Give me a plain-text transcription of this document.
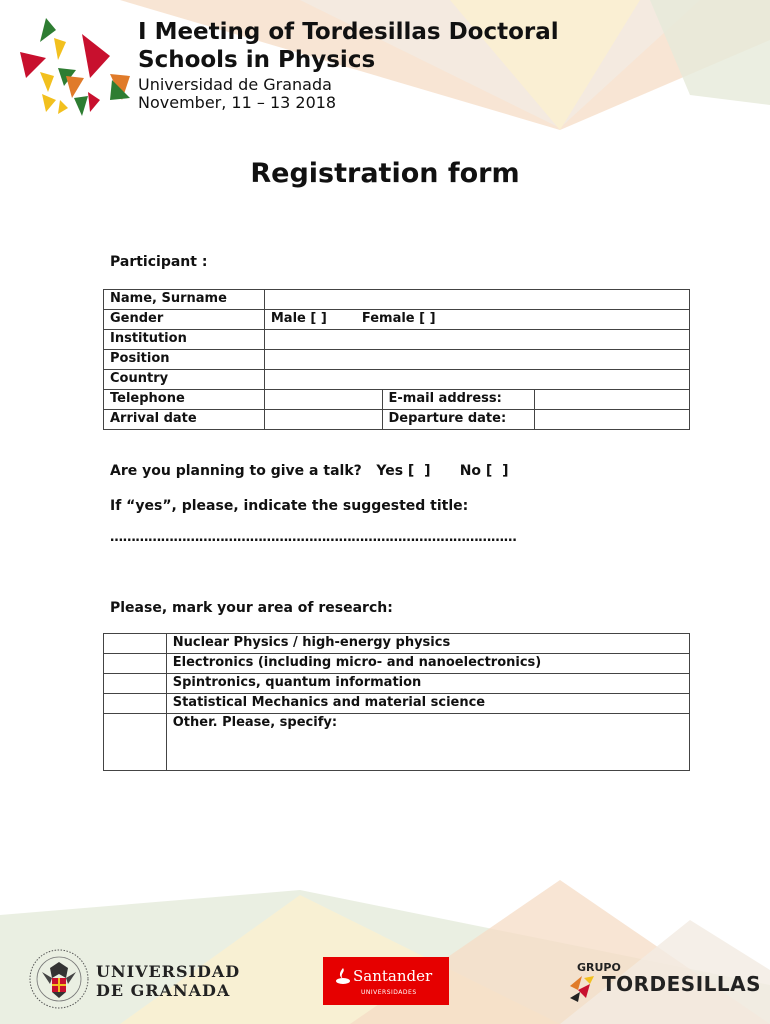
I Meeting of Tordesillas Doctoral
Schools in Physics
Universidad de Granada
November, 11 – 13 2018
Registration form
Participant :
Name, Surname			
Gender	Male [ ] Female [ ]		
Institution			
Position			
Country			
Telephone		E-mail address:	
Arrival date		Departure date:	
Are you planning to give a talk?   Yes [  ]      No [  ]
If “yes”, please, indicate the suggested title:
……………………………………………………………………………………
Please, mark your area of research:
	Nuclear Physics / high-energy physics
	Electronics (including micro- and nanoelectronics)
	Spintronics, quantum information
	Statistical Mechanics and material science
	Other. Please, specify:
UNIVERSIDAD
DE GRANADA
Santander
UNIVERSIDADES
GRUPO
TORDESILLAS
